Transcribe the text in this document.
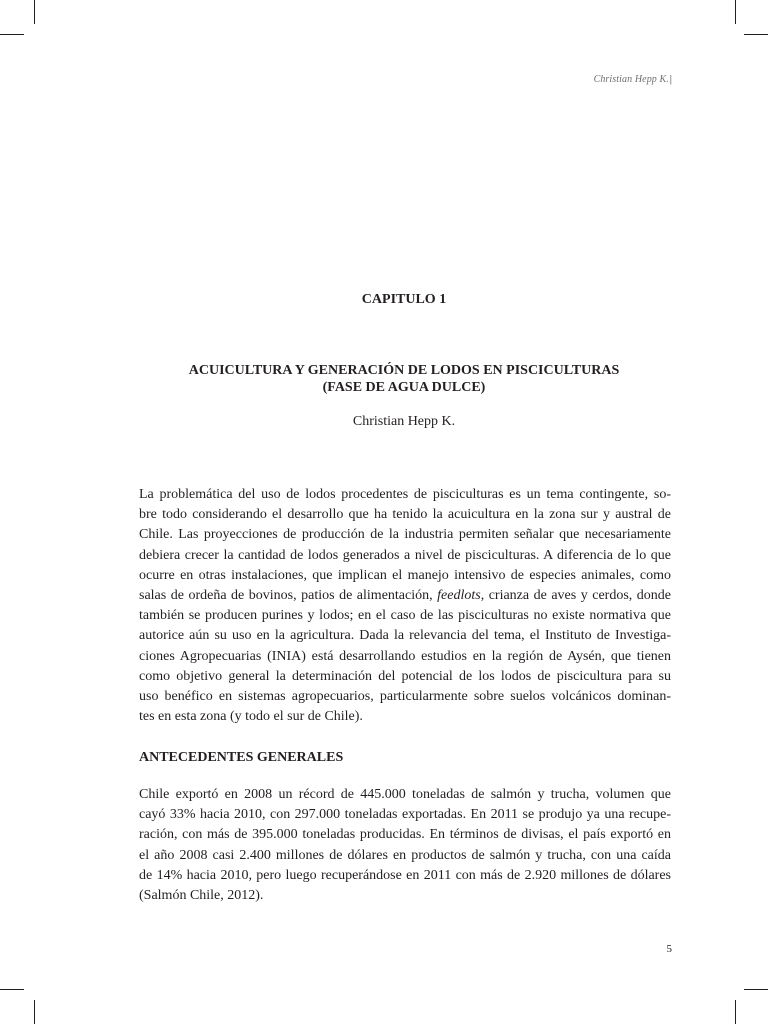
Christian Hepp K.|
CAPITULO 1
ACUICULTURA Y GENERACIÓN DE LODOS EN PISCICULTURAS
(FASE DE AGUA DULCE)
Christian Hepp K.
La problemática del uso de lodos procedentes de pisciculturas es un tema contingente, so-
bre todo considerando el desarrollo que ha tenido la acuicultura en la zona sur y austral de
Chile. Las proyecciones de producción de la industria permiten señalar que necesariamente
debiera crecer la cantidad de lodos generados a nivel de pisciculturas. A diferencia de lo que
ocurre en otras instalaciones, que implican el manejo intensivo de especies animales, como
salas de ordeña de bovinos, patios de alimentación, feedlots, crianza de aves y cerdos, donde
también se producen purines y lodos; en el caso de las pisciculturas no existe normativa que
autorice aún su uso en la agricultura. Dada la relevancia del tema, el Instituto de Investiga-
ciones Agropecuarias (INIA) está desarrollando estudios en la región de Aysén, que tienen
como objetivo general la determinación del potencial de los lodos de piscicultura para su
uso benéfico en sistemas agropecuarios, particularmente sobre suelos volcánicos dominan-
tes en esta zona (y todo el sur de Chile).
ANTECEDENTES GENERALES
Chile exportó en 2008 un récord de 445.000 toneladas de salmón y trucha, volumen que
cayó 33% hacia 2010, con 297.000 toneladas exportadas. En 2011 se produjo ya una recupe-
ración, con más de 395.000 toneladas producidas. En términos de divisas, el país exportó en
el año 2008 casi 2.400 millones de dólares en productos de salmón y trucha, con una caída
de 14% hacia 2010, pero luego recuperándose en 2011 con más de 2.920 millones de dólares
(Salmón Chile, 2012).
5
